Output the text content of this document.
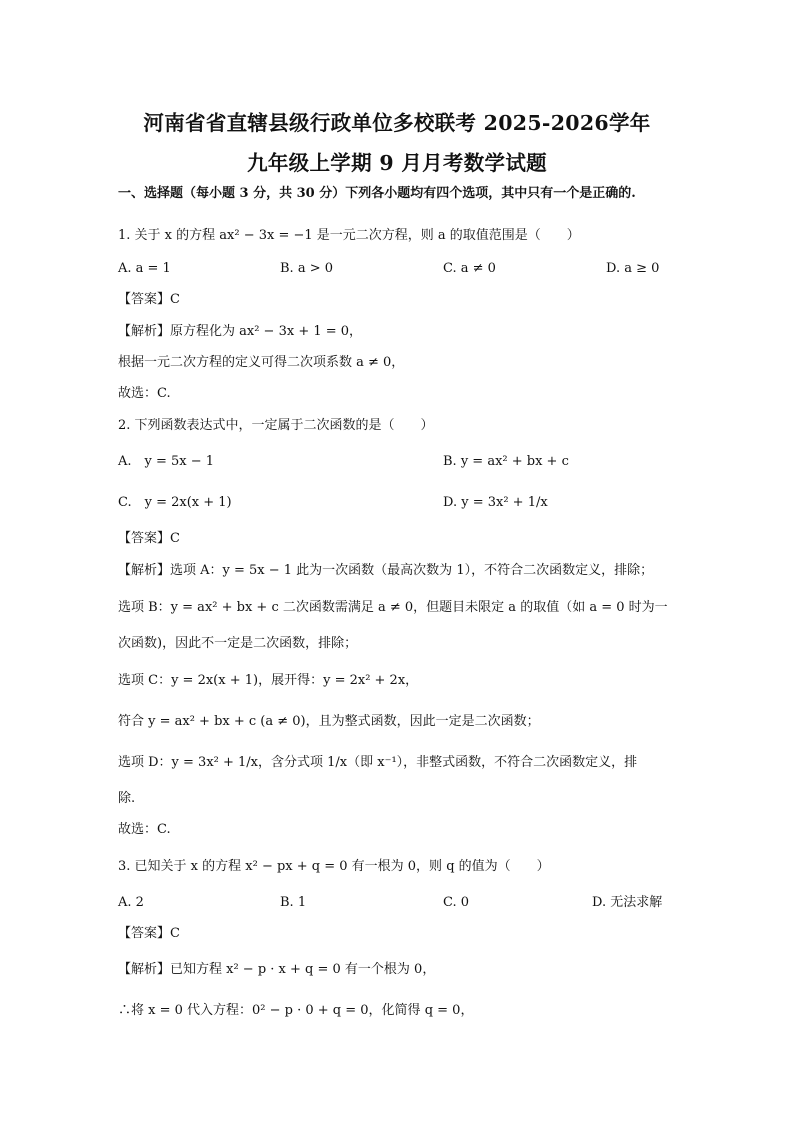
河南省省直辖县级行政单位多校联考 2025-2026学年
九年级上学期 9 月月考数学试题
一、选择题（每小题 3 分，共 30 分）下列各小题均有四个选项，其中只有一个是正确的.
1. 关于 x 的方程 ax² − 3x = −1 是一元二次方程，则 a 的取值范围是（　　）
A. a = 1	B. a > 0	C. a ≠ 0	D. a ≥ 0
【答案】C
【解析】原方程化为 ax² − 3x + 1 = 0，
根据一元二次方程的定义可得二次项系数 a ≠ 0，
故选：C.
2. 下列函数表达式中，一定属于二次函数的是（　　）
A.　y = 5x − 1	B. y = ax² + bx + c
C.　y = 2x(x + 1)	D. y = 3x² + 1/x
【答案】C
【解析】选项 A：y = 5x − 1 此为一次函数（最高次数为 1），不符合二次函数定义，排除；
选项 B：y = ax² + bx + c 二次函数需满足 a ≠ 0，但题目未限定 a 的取值（如 a = 0 时为一
次函数)，因此不一定是二次函数，排除；
选项 C：y = 2x(x + 1)，展开得：y = 2x² + 2x，
符合 y = ax² + bx + c (a ≠ 0)，且为整式函数，因此一定是二次函数；
选项 D：y = 3x² + 1/x，含分式项 1/x（即 x⁻¹），非整式函数，不符合二次函数定义，排
除.
故选：C.
3. 已知关于 x 的方程 x² − px + q = 0 有一根为 0，则 q 的值为（　　）
A. 2	B. 1	C. 0	D. 无法求解
【答案】C
【解析】已知方程 x² − p · x + q = 0 有一个根为 0，
∴将 x = 0 代入方程：0² − p · 0 + q = 0，化简得 q = 0，
